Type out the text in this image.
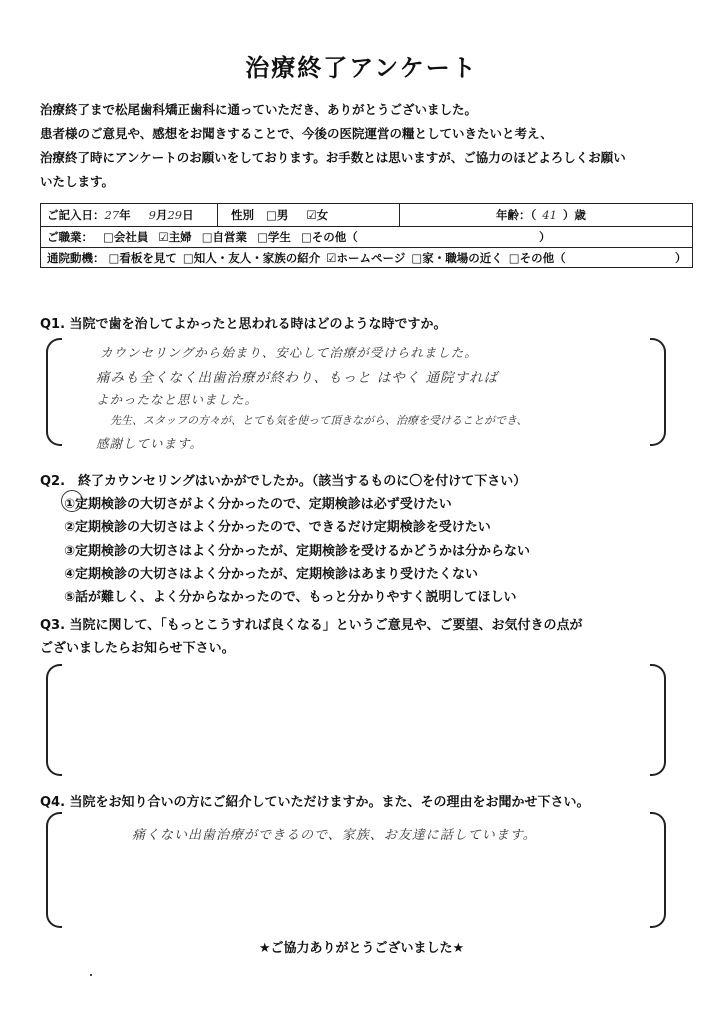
治療終了アンケート
治療終了まで松尾歯科矯正歯科に通っていただき、ありがとうございました。
患者様のご意見や、感想をお聞きすることで、今後の医院運営の糧としていきたいと考え、
治療終了時にアンケートのお願いをしております。お手数とは思いますが、ご協力のほどよろしくお願い
いたします。
ご記入日： 27 年 9 月 29 日	性別 □男 ☑女	年齢：（ 41 ）歳
ご職業： □会社員 ☑主婦 □自営業 □学生 □その他（	）
通院動機： □看板を見て □知人・友人・家族の紹介 ☑ホームページ □家・職場の近く □その他（	）
Q1. 当院で歯を治してよかったと思われる時はどのような時ですか。
カウンセリングから始まり、安心して治療が受けられました。
痛みも全くなく出歯治療が終わり、もっと はやく 通院すれば
よかったなと思いました。
先生、スタッフの方々が、とても気を使って頂きながら、治療を受けることができ、
感謝しています。
Q2.　終了カウンセリングはいかがでしたか。（該当するものに〇を付けて下さい）
①定期検診の大切さがよく分かったので、定期検診は必ず受けたい
②定期検診の大切さはよく分かったので、できるだけ定期検診を受けたい
③定期検診の大切さはよく分かったが、定期検診を受けるかどうかは分からない
④定期検診の大切さはよく分かったが、定期検診はあまり受けたくない
⑤話が難しく、よく分からなかったので、もっと分かりやすく説明してほしい
Q3. 当院に関して、「もっとこうすれば良くなる」というご意見や、ご要望、お気付きの点が
ございましたらお知らせ下さい。
Q4. 当院をお知り合いの方にご紹介していただけますか。また、その理由をお聞かせ下さい。
痛くない出歯治療ができるので、家族、お友達に話しています。
★ご協力ありがとうございました★
